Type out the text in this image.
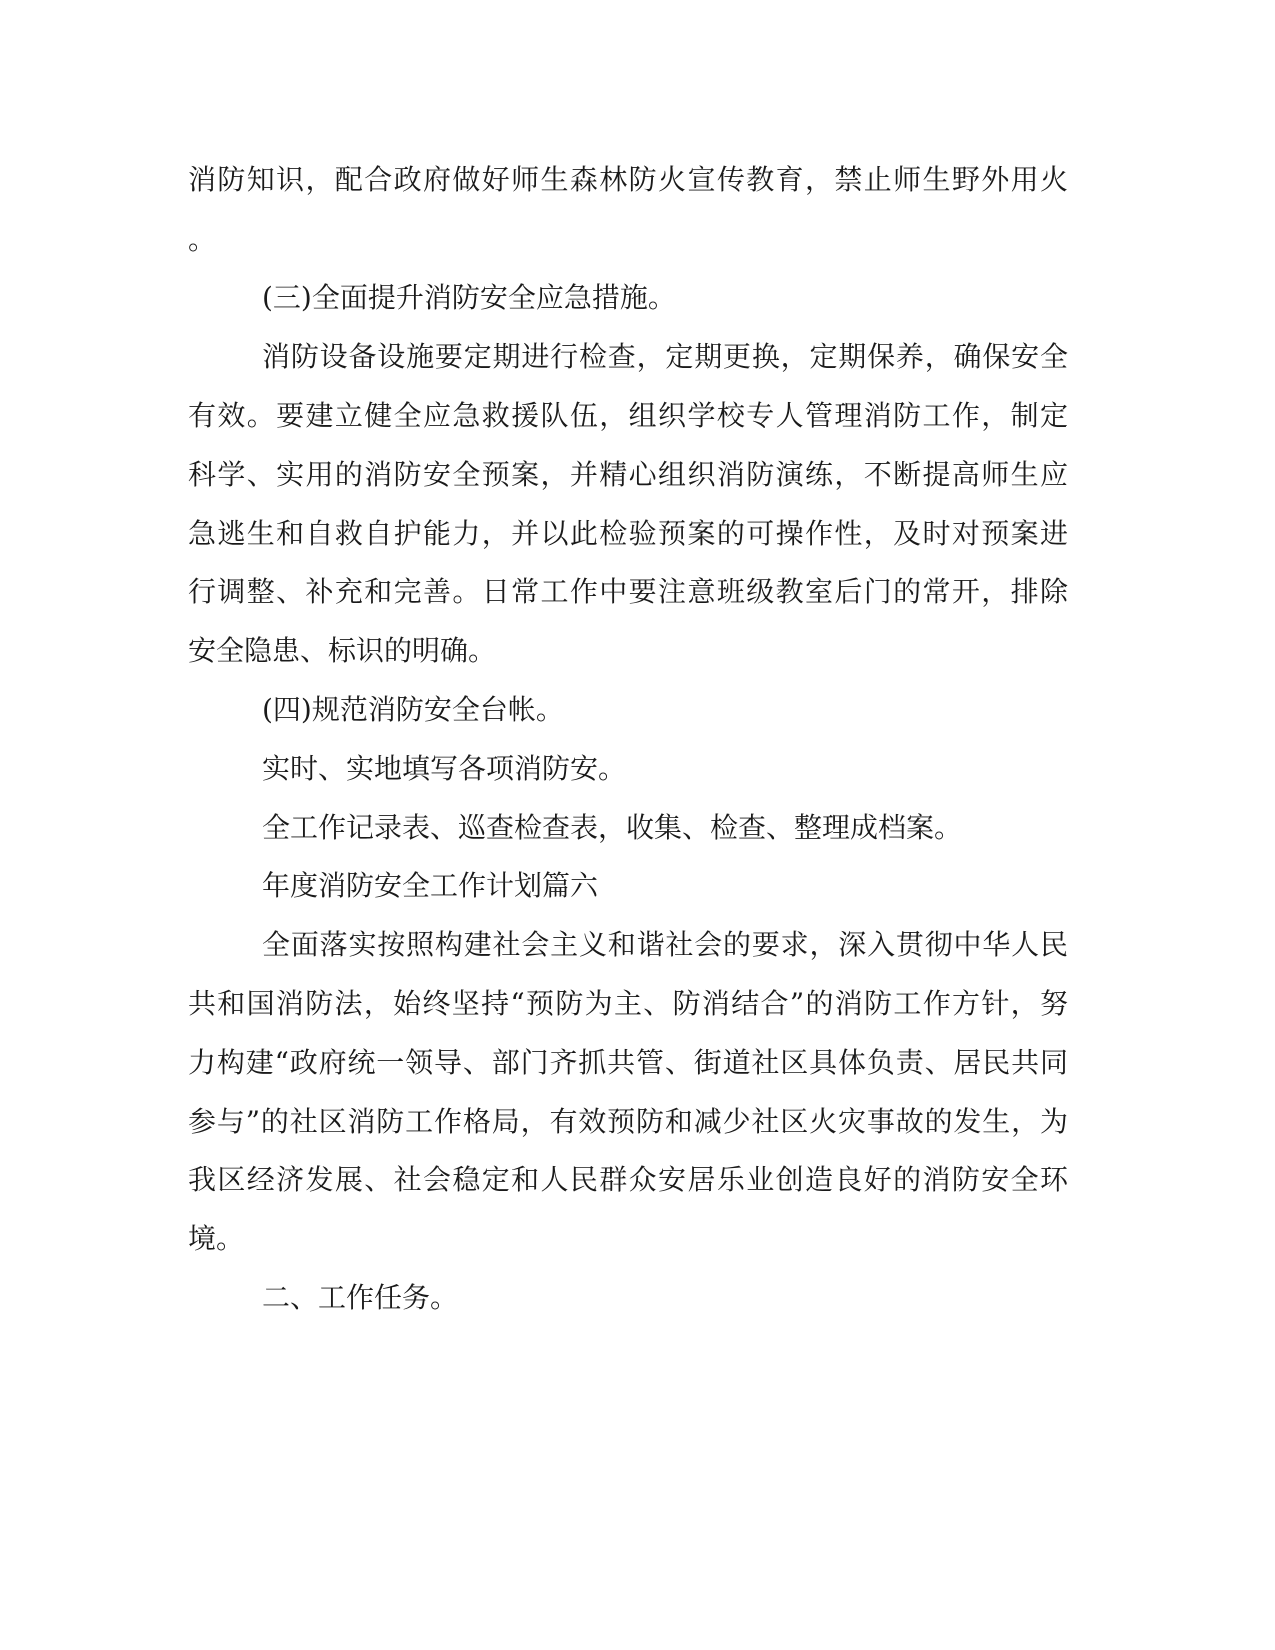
消防知识，配合政府做好师生森林防火宣传教育，禁止师生野外用火
。
(三)全面提升消防安全应急措施。
消防设备设施要定期进行检查，定期更换，定期保养，确保安全
有效。要建立健全应急救援队伍，组织学校专人管理消防工作，制定
科学、实用的消防安全预案，并精心组织消防演练，不断提高师生应
急逃生和自救自护能力，并以此检验预案的可操作性，及时对预案进
行调整、补充和完善。日常工作中要注意班级教室后门的常开，排除
安全隐患、标识的明确。
(四)规范消防安全台帐。
实时、实地填写各项消防安。
全工作记录表、巡查检查表，收集、检查、整理成档案。
年度消防安全工作计划篇六
全面落实按照构建社会主义和谐社会的要求，深入贯彻中华人民
共和国消防法，始终坚持“预防为主、防消结合”的消防工作方针，努
力构建“政府统一领导、部门齐抓共管、街道社区具体负责、居民共同
参与”的社区消防工作格局，有效预防和减少社区火灾事故的发生，为
我区经济发展、社会稳定和人民群众安居乐业创造良好的消防安全环
境。
二、工作任务。
